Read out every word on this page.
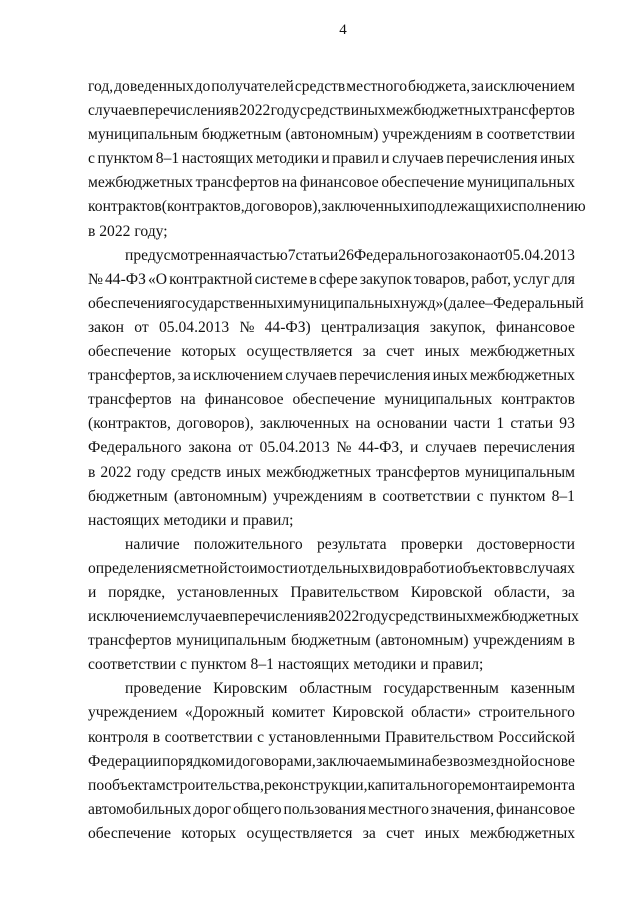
4
год, доведенных до получателей средств местного бюджета, за исключением
случаев перечисления в 2022 году средств иных межбюджетных трансфертов
муниципальным бюджетным (автономным) учреждениям в соответствии
с пунктом 8–1 настоящих методики и правил и случаев перечисления иных
межбюджетных трансфертов на финансовое обеспечение муниципальных
контрактов (контрактов, договоров), заключенных и подлежащих исполнению
в 2022 году;
предусмотренная частью 7 статьи 26 Федерального закона от 05.04.2013
№ 44-ФЗ «О контрактной системе в сфере закупок товаров, работ, услуг для
обеспечения государственных и муниципальных нужд» (далее – Федеральный
закон от 05.04.2013 № 44-ФЗ) централизация закупок, финансовое
обеспечение которых осуществляется за счет иных межбюджетных
трансфертов, за исключением случаев перечисления иных межбюджетных
трансфертов на финансовое обеспечение муниципальных контрактов
(контрактов, договоров), заключенных на основании части 1 статьи 93
Федерального закона от 05.04.2013 № 44-ФЗ, и случаев перечисления
в 2022 году средств иных межбюджетных трансфертов муниципальным
бюджетным (автономным) учреждениям в соответствии с пунктом 8–1
настоящих методики и правил;
наличие положительного результата проверки достоверности
определения сметной стоимости отдельных видов работ и объектов в случаях
и порядке, установленных Правительством Кировской области, за
исключением случаев перечисления в 2022 году средств иных межбюджетных
трансфертов муниципальным бюджетным (автономным) учреждениям в
соответствии с пунктом 8–1 настоящих методики и правил;
проведение Кировским областным государственным казенным
учреждением «Дорожный комитет Кировской области» строительного
контроля в соответствии с установленными Правительством Российской
Федерации порядком и договорами, заключаемыми на безвозмездной основе
по объектам строительства, реконструкции, капитального ремонта и ремонта
автомобильных дорог общего пользования местного значения, финансовое
обеспечение которых осуществляется за счет иных межбюджетных
